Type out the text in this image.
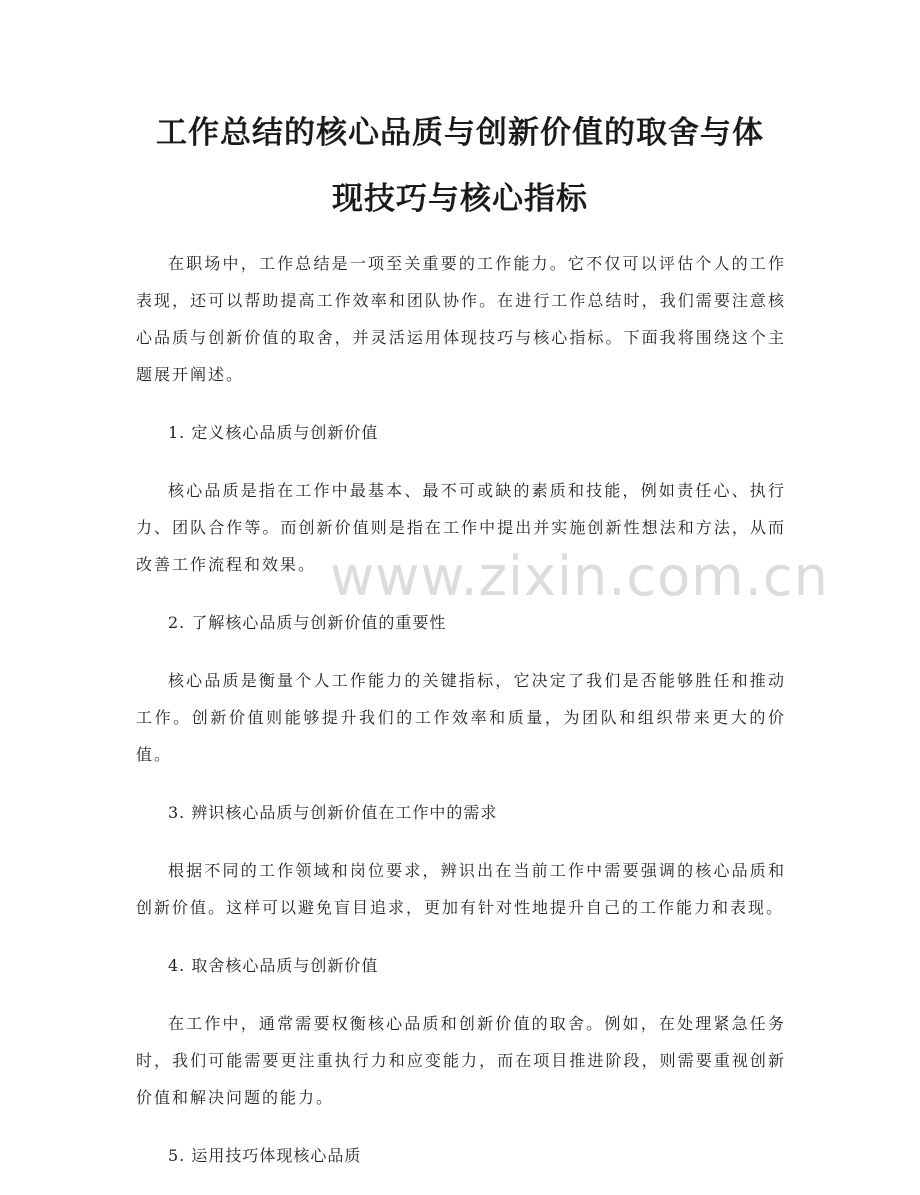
工作总结的核心品质与创新价值的取舍与体
现技巧与核心指标

在职场中，工作总结是一项至关重要的工作能力。它不仅可以评估个人的工作表现，还可以帮助提高工作效率和团队协作。在进行工作总结时，我们需要注意核心品质与创新价值的取舍，并灵活运用体现技巧与核心指标。下面我将围绕这个主题展开阐述。

1. 定义核心品质与创新价值

核心品质是指在工作中最基本、最不可或缺的素质和技能，例如责任心、执行力、团队合作等。而创新价值则是指在工作中提出并实施创新性想法和方法，从而改善工作流程和效果。

2. 了解核心品质与创新价值的重要性

核心品质是衡量个人工作能力的关键指标，它决定了我们是否能够胜任和推动工作。创新价值则能够提升我们的工作效率和质量，为团队和组织带来更大的价值。

3. 辨识核心品质与创新价值在工作中的需求

根据不同的工作领域和岗位要求，辨识出在当前工作中需要强调的核心品质和创新价值。这样可以避免盲目追求，更加有针对性地提升自己的工作能力和表现。

4. 取舍核心品质与创新价值

在工作中，通常需要权衡核心品质和创新价值的取舍。例如，在处理紧急任务时，我们可能需要更注重执行力和应变能力，而在项目推进阶段，则需要重视创新价值和解决问题的能力。

5. 运用技巧体现核心品质
www.zixin.com.cn
